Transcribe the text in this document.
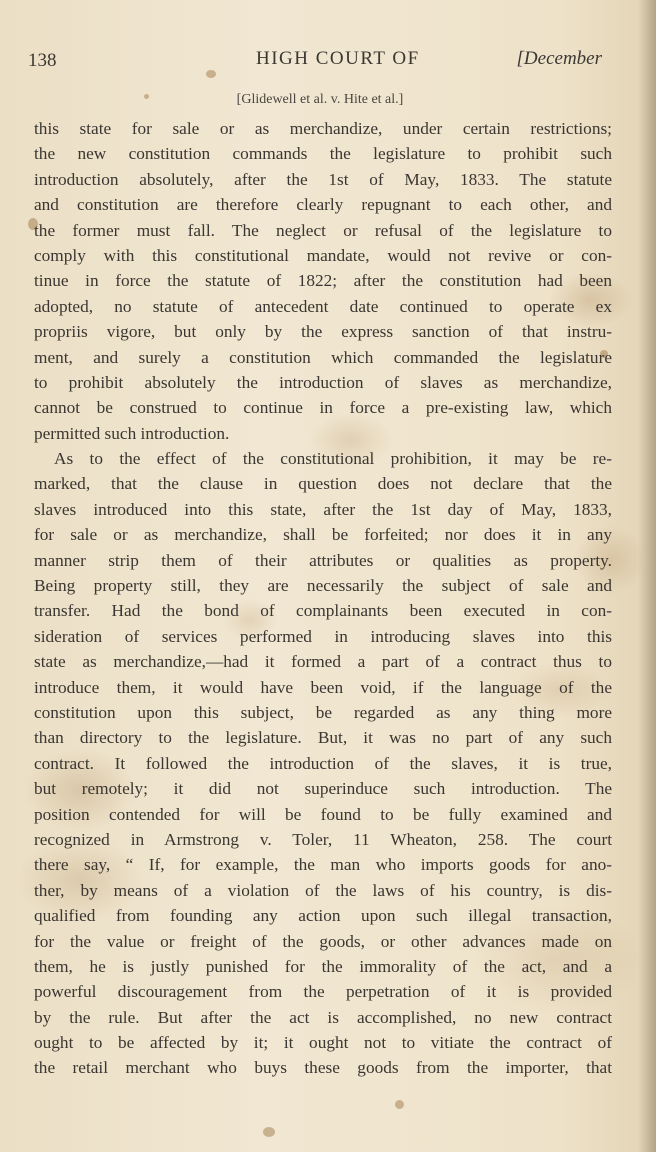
138	HIGH COURT OF	[December
[Glidewell et al. v. Hite et al.]
this state for sale or as merchandize, under certain restrictions;
the new constitution commands the legislature to prohibit such
introduction absolutely, after the 1st of May, 1833. The statute
and constitution are therefore clearly repugnant to each other, and
the former must fall. The neglect or refusal of the legislature to
comply with this constitutional mandate, would not revive or con-
tinue in force the statute of 1822; after the constitution had been
adopted, no statute of antecedent date continued to operate ex
propriis vigore, but only by the express sanction of that instru-
ment, and surely a constitution which commanded the legislature
to prohibit absolutely the introduction of slaves as merchandize,
cannot be construed to continue in force a pre-existing law, which
permitted such introduction.
As to the effect of the constitutional prohibition, it may be re-
marked, that the clause in question does not declare that the
slaves introduced into this state, after the 1st day of May, 1833,
for sale or as merchandize, shall be forfeited; nor does it in any
manner strip them of their attributes or qualities as property.
Being property still, they are necessarily the subject of sale and
transfer. Had the bond of complainants been executed in con-
sideration of services performed in introducing slaves into this
state as merchandize,—had it formed a part of a contract thus to
introduce them, it would have been void, if the language of the
constitution upon this subject, be regarded as any thing more
than directory to the legislature. But, it was no part of any such
contract. It followed the introduction of the slaves, it is true,
but remotely; it did not superinduce such introduction. The
position contended for will be found to be fully examined and
recognized in Armstrong v. Toler, 11 Wheaton, 258. The court
there say, “ If, for example, the man who imports goods for ano-
ther, by means of a violation of the laws of his country, is dis-
qualified from founding any action upon such illegal transaction,
for the value or freight of the goods, or other advances made on
them, he is justly punished for the immorality of the act, and a
powerful discouragement from the perpetration of it is provided
by the rule. But after the act is accomplished, no new contract
ought to be affected by it; it ought not to vitiate the contract of
the retail merchant who buys these goods from the importer, that
